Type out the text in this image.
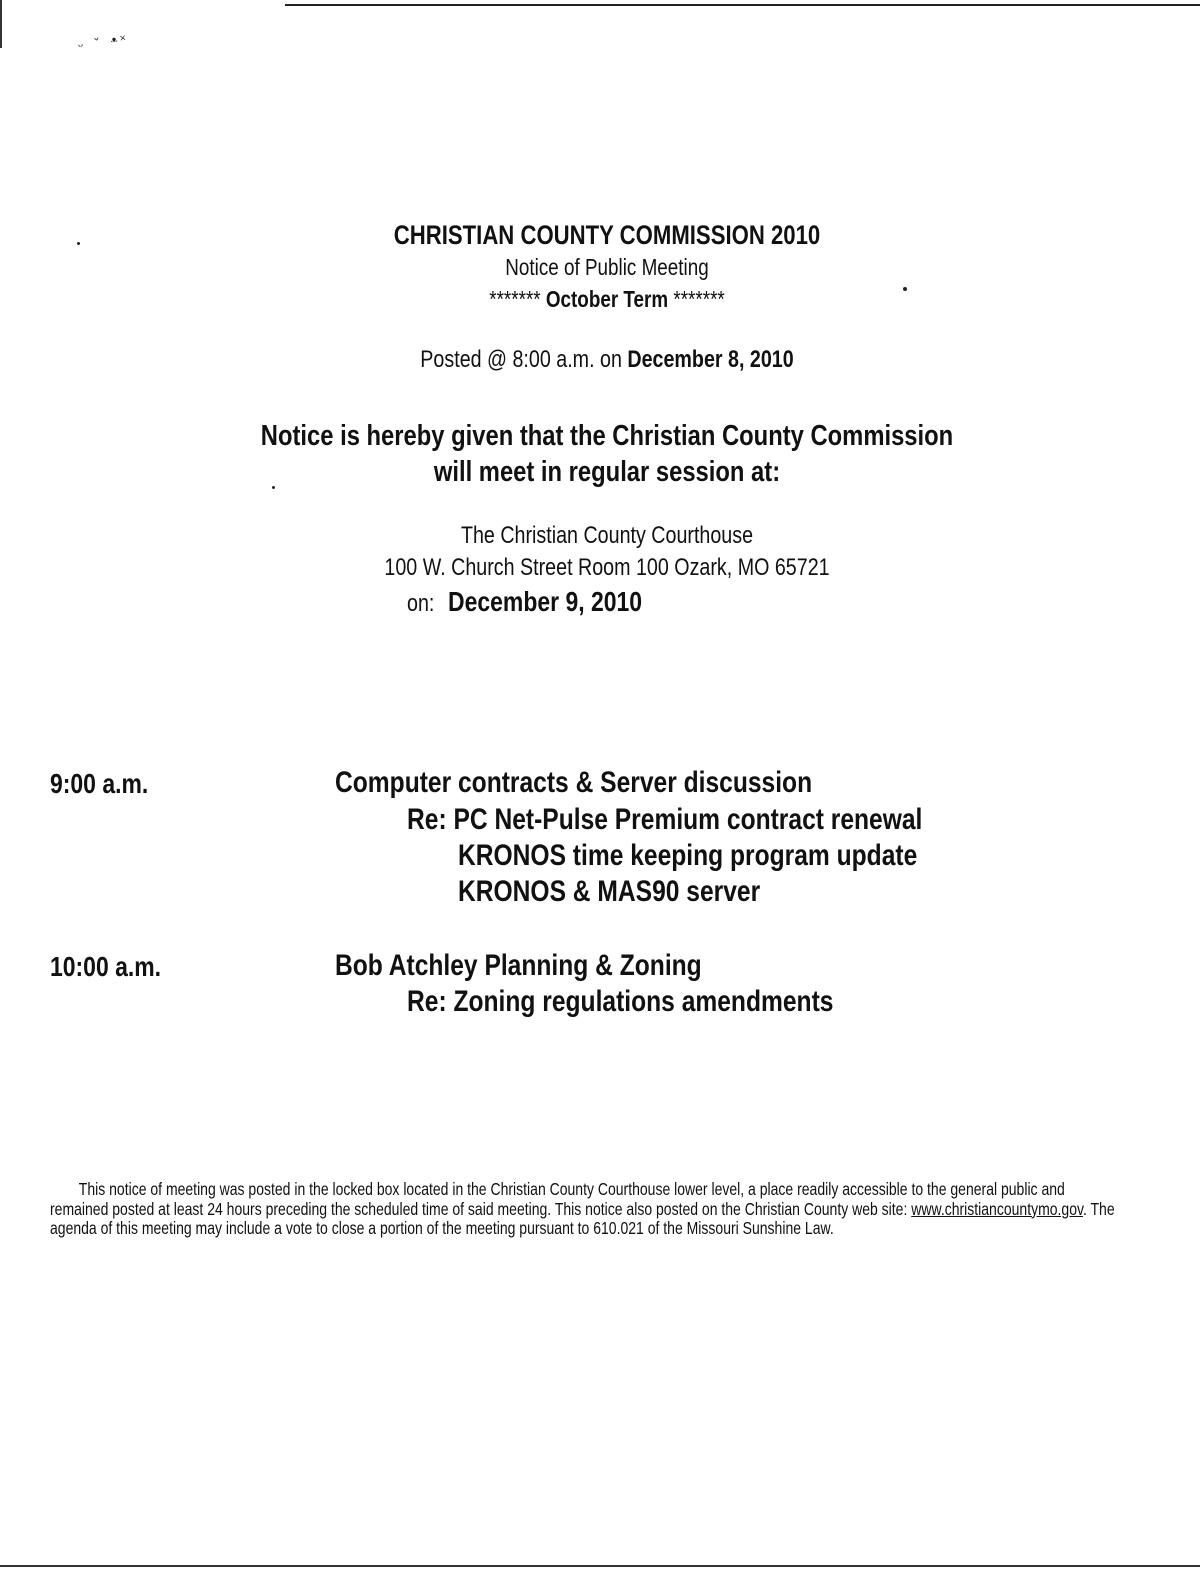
ᵕ ˇ ᵜ˟
CHRISTIAN COUNTY COMMISSION 2010
Notice of Public Meeting
******* October Term *******
Posted @ 8:00 a.m. on December 8, 2010
Notice is hereby given that the Christian County Commission
will meet in regular session at:
The Christian County Courthouse
100 W. Church Street Room 100 Ozark, MO 65721
on: December 9, 2010
9:00 a.m.	Computer contracts & Server discussion
Re: PC Net-Pulse Premium contract renewal
KRONOS time keeping program update
KRONOS & MAS90 server
10:00 a.m.	Bob Atchley Planning & Zoning
Re: Zoning regulations amendments
This notice of meeting was posted in the locked box located in the Christian County Courthouse lower level, a place readily accessible to the general public and remained posted at least 24 hours preceding the scheduled time of said meeting. This notice also posted on the Christian County web site: www.christiancountymo.gov. The agenda of this meeting may include a vote to close a portion of the meeting pursuant to 610.021 of the Missouri Sunshine Law.
